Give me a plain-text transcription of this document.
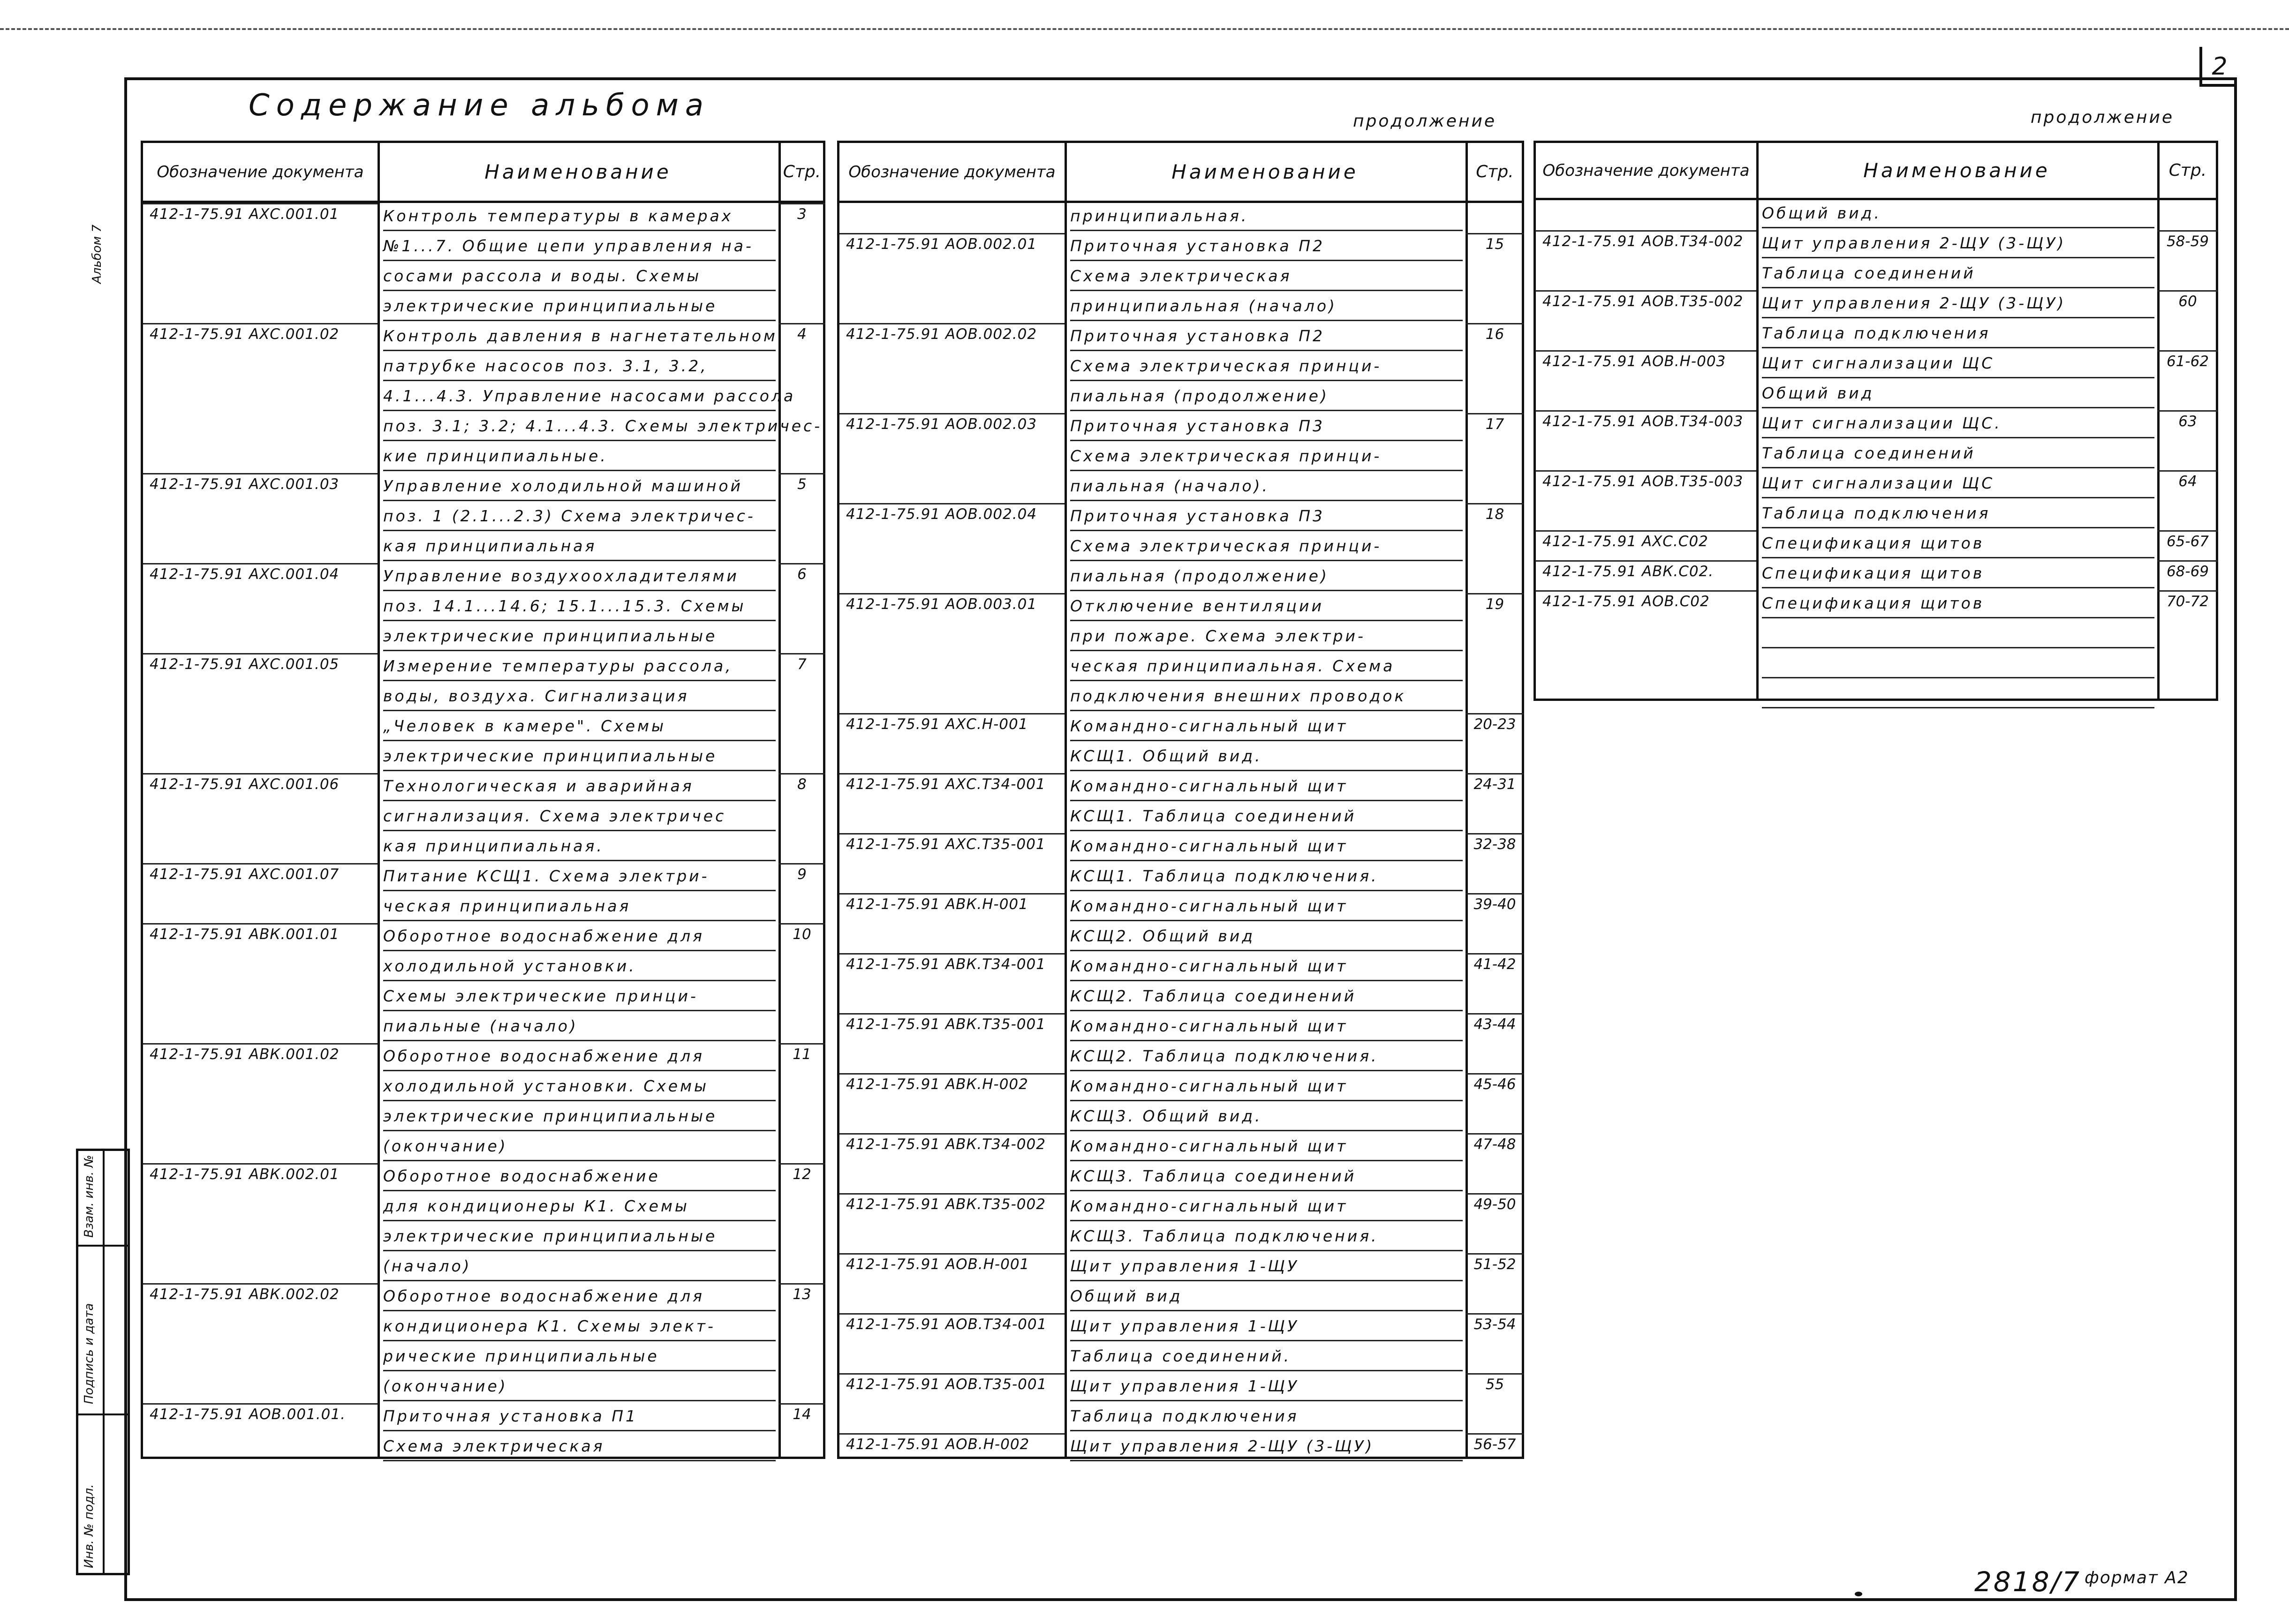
2
Содержание альбома	продолжение	продолжение
Альбом 7
Обозначение документа	Наименование	Стр.
412-1-75.91 АХС.001.01	Контроль температуры в камерах	3
№1...7. Общие цепи управления на-
сосами рассола и воды. Схемы
электрические принципиальные
412-1-75.91 АХС.001.02	Контроль давления в нагнетательном	4
патрубке насосов поз. 3.1, 3.2,
4.1...4.3. Управление насосами рассола
поз. 3.1; 3.2; 4.1...4.3. Схемы электричес-
кие принципиальные.
412-1-75.91 АХС.001.03	Управление холодильной машиной	5
поз. 1 (2.1...2.3) Схема электричес-
кая принципиальная
412-1-75.91 АХС.001.04	Управление воздухоохладителями	6
поз. 14.1...14.6; 15.1...15.3. Схемы
электрические принципиальные
412-1-75.91 АХС.001.05	Измерение температуры рассола,	7
воды, воздуха. Сигнализация
„Человек в камере". Схемы
электрические принципиальные
412-1-75.91 АХС.001.06	Технологическая и аварийная	8
сигнализация. Схема электричес
кая принципиальная.
412-1-75.91 АХС.001.07	Питание КСЩ1. Схема электри-	9
ческая принципиальная
412-1-75.91 АВК.001.01	Оборотное водоснабжение для	10
холодильной установки.
Схемы электрические принци-
пиальные (начало)
412-1-75.91 АВК.001.02	Оборотное водоснабжение для	11
холодильной установки. Схемы
электрические принципиальные
(окончание)
412-1-75.91 АВК.002.01	Оборотное водоснабжение	12
для кондиционеры К1. Схемы
электрические принципиальные
(начало)
412-1-75.91 АВК.002.02	Оборотное водоснабжение для	13
кондиционера К1. Схемы элект-
рические принципиальные
(окончание)
412-1-75.91 АОВ.001.01.	Приточная установка П1	14
Схема электрическая
Обозначение документа	Наименование	Стр.
принципиальная.
412-1-75.91 АОВ.002.01	Приточная установка П2	15
Схема электрическая
принципиальная (начало)
412-1-75.91 АОВ.002.02	Приточная установка П2	16
Схема электрическая принци-
пиальная (продолжение)
412-1-75.91 АОВ.002.03	Приточная установка П3	17
Схема электрическая принци-
пиальная (начало).
412-1-75.91 АОВ.002.04	Приточная установка П3	18
Схема электрическая принци-
пиальная (продолжение)
412-1-75.91 АОВ.003.01	Отключение вентиляции	19
при пожаре. Схема электри-
ческая принципиальная. Схема
подключения внешних проводок
412-1-75.91 АХС.Н-001	Командно-сигнальный щит	20-23
КСЩ1. Общий вид.
412-1-75.91 АХС.Т34-001	Командно-сигнальный щит	24-31
КСЩ1. Таблица соединений
412-1-75.91 АХС.Т35-001	Командно-сигнальный щит	32-38
КСЩ1. Таблица подключения.
412-1-75.91 АВК.Н-001	Командно-сигнальный щит	39-40
КСЩ2. Общий вид
412-1-75.91 АВК.Т34-001	Командно-сигнальный щит	41-42
КСЩ2. Таблица соединений
412-1-75.91 АВК.Т35-001	Командно-сигнальный щит	43-44
КСЩ2. Таблица подключения.
412-1-75.91 АВК.Н-002	Командно-сигнальный щит	45-46
КСЩ3. Общий вид.
412-1-75.91 АВК.Т34-002	Командно-сигнальный щит	47-48
КСЩ3. Таблица соединений
412-1-75.91 АВК.Т35-002	Командно-сигнальный щит	49-50
КСЩ3. Таблица подключения.
412-1-75.91 АОВ.Н-001	Щит управления 1-ЩУ	51-52
Общий вид
412-1-75.91 АОВ.Т34-001	Щит управления 1-ЩУ	53-54
Таблица соединений.
412-1-75.91 АОВ.Т35-001	Щит управления 1-ЩУ	55
Таблица подключения
412-1-75.91 АОВ.Н-002	Щит управления 2-ЩУ (3-ЩУ)	56-57
Обозначение документа	Наименование	Стр.
Общий вид.
412-1-75.91 АОВ.Т34-002	Щит управления 2-ЩУ (3-ЩУ)	58-59
Таблица соединений
412-1-75.91 АОВ.Т35-002	Щит управления 2-ЩУ (3-ЩУ)	60
Таблица подключения
412-1-75.91 АОВ.Н-003	Щит сигнализации ЩС	61-62
Общий вид
412-1-75.91 АОВ.Т34-003	Щит сигнализации ЩС.	63
Таблица соединений
412-1-75.91 АОВ.Т35-003	Щит сигнализации ЩС	64
Таблица подключения
412-1-75.91 АХС.С02	Спецификация щитов	65-67
412-1-75.91 АВК.С02.	Спецификация щитов	68-69
412-1-75.91 АОВ.С02	Спецификация щитов	70-72
Инв. № подл.
Подпись и дата
Взам. инв. №
2818/7 формат А2
